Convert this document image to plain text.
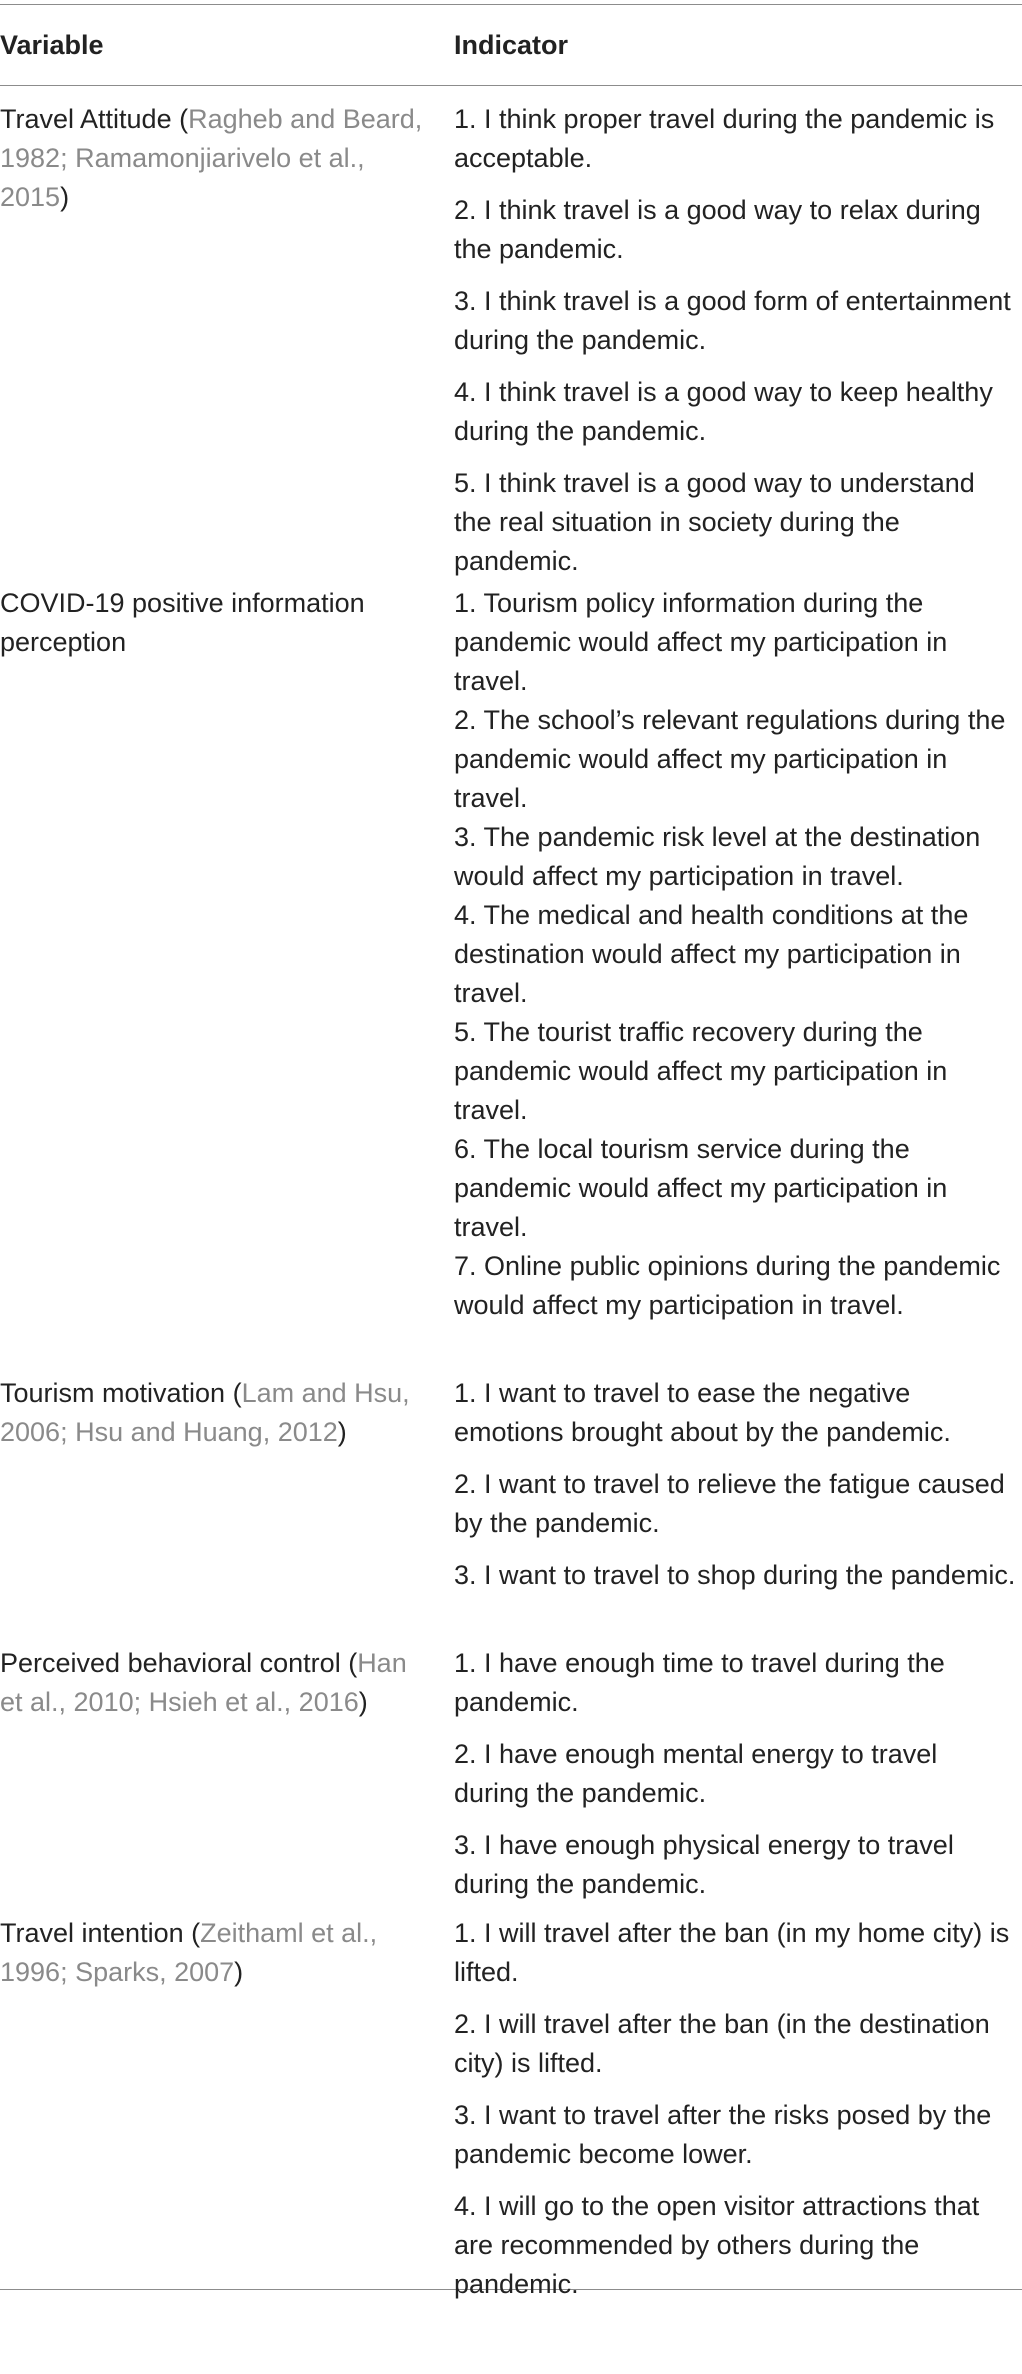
Variable	Indicator
Travel Attitude (Ragheb and Beard, 1982; Ramamonjiarivelo et al., 2015)
1. I think proper travel during the pandemic is acceptable.
2. I think travel is a good way to relax during the pandemic.
3. I think travel is a good form of entertainment during the pandemic.
4. I think travel is a good way to keep healthy during the pandemic.
5. I think travel is a good way to understand the real situation in society during the pandemic.
COVID-19 positive information perception
1. Tourism policy information during the pandemic would affect my participation in travel.
2. The school’s relevant regulations during the pandemic would affect my participation in travel.
3. The pandemic risk level at the destination would affect my participation in travel.
4. The medical and health conditions at the destination would affect my participation in travel.
5. The tourist traffic recovery during the pandemic would affect my participation in travel.
6. The local tourism service during the pandemic would affect my participation in travel.
7. Online public opinions during the pandemic would affect my participation in travel.
Tourism motivation (Lam and Hsu, 2006; Hsu and Huang, 2012)
1. I want to travel to ease the negative emotions brought about by the pandemic.
2. I want to travel to relieve the fatigue caused by the pandemic.
3. I want to travel to shop during the pandemic.
Perceived behavioral control (Han et al., 2010; Hsieh et al., 2016)
1. I have enough time to travel during the pandemic.
2. I have enough mental energy to travel during the pandemic.
3. I have enough physical energy to travel during the pandemic.
Travel intention (Zeithaml et al., 1996; Sparks, 2007)
1. I will travel after the ban (in my home city) is lifted.
2. I will travel after the ban (in the destination city) is lifted.
3. I want to travel after the risks posed by the pandemic become lower.
4. I will go to the open visitor attractions that are recommended by others during the pandemic.
